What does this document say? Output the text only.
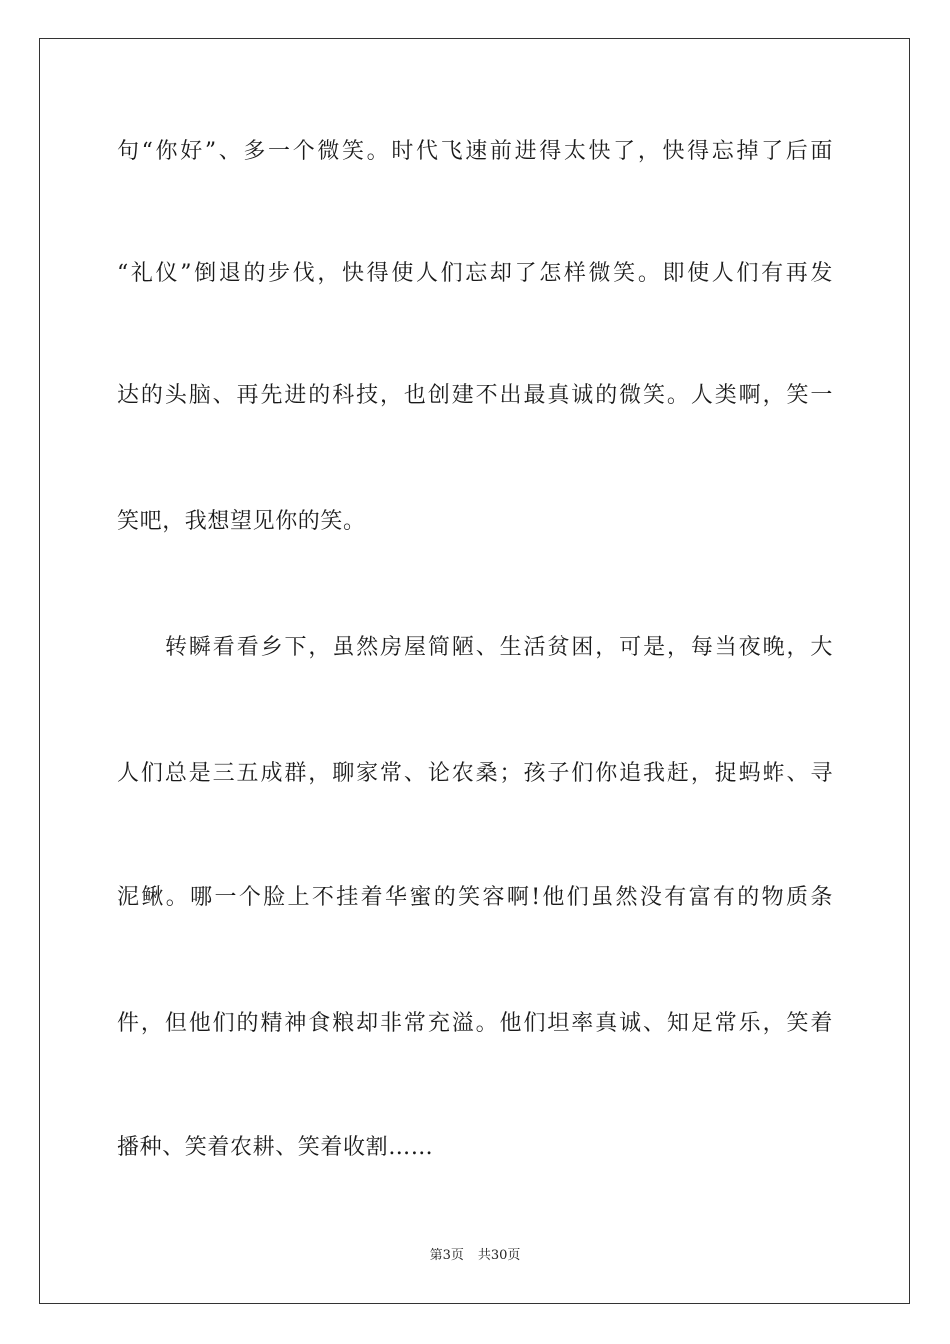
句“你好”、多一个微笑。时代飞速前进得太快了，快得忘掉了后面
“礼仪”倒退的步伐，快得使人们忘却了怎样微笑。即使人们有再发
达的头脑、再先进的科技，也创建不出最真诚的微笑。人类啊，笑一
笑吧，我想望见你的笑。
转瞬看看乡下，虽然房屋简陋、生活贫困，可是，每当夜晚，大
人们总是三五成群，聊家常、论农桑；孩子们你追我赶，捉蚂蚱、寻
泥鳅。哪一个脸上不挂着华蜜的笑容啊!他们虽然没有富有的物质条
件，但他们的精神食粮却非常充溢。他们坦率真诚、知足常乐，笑着
播种、笑着农耕、笑着收割……
第3页 共30页
